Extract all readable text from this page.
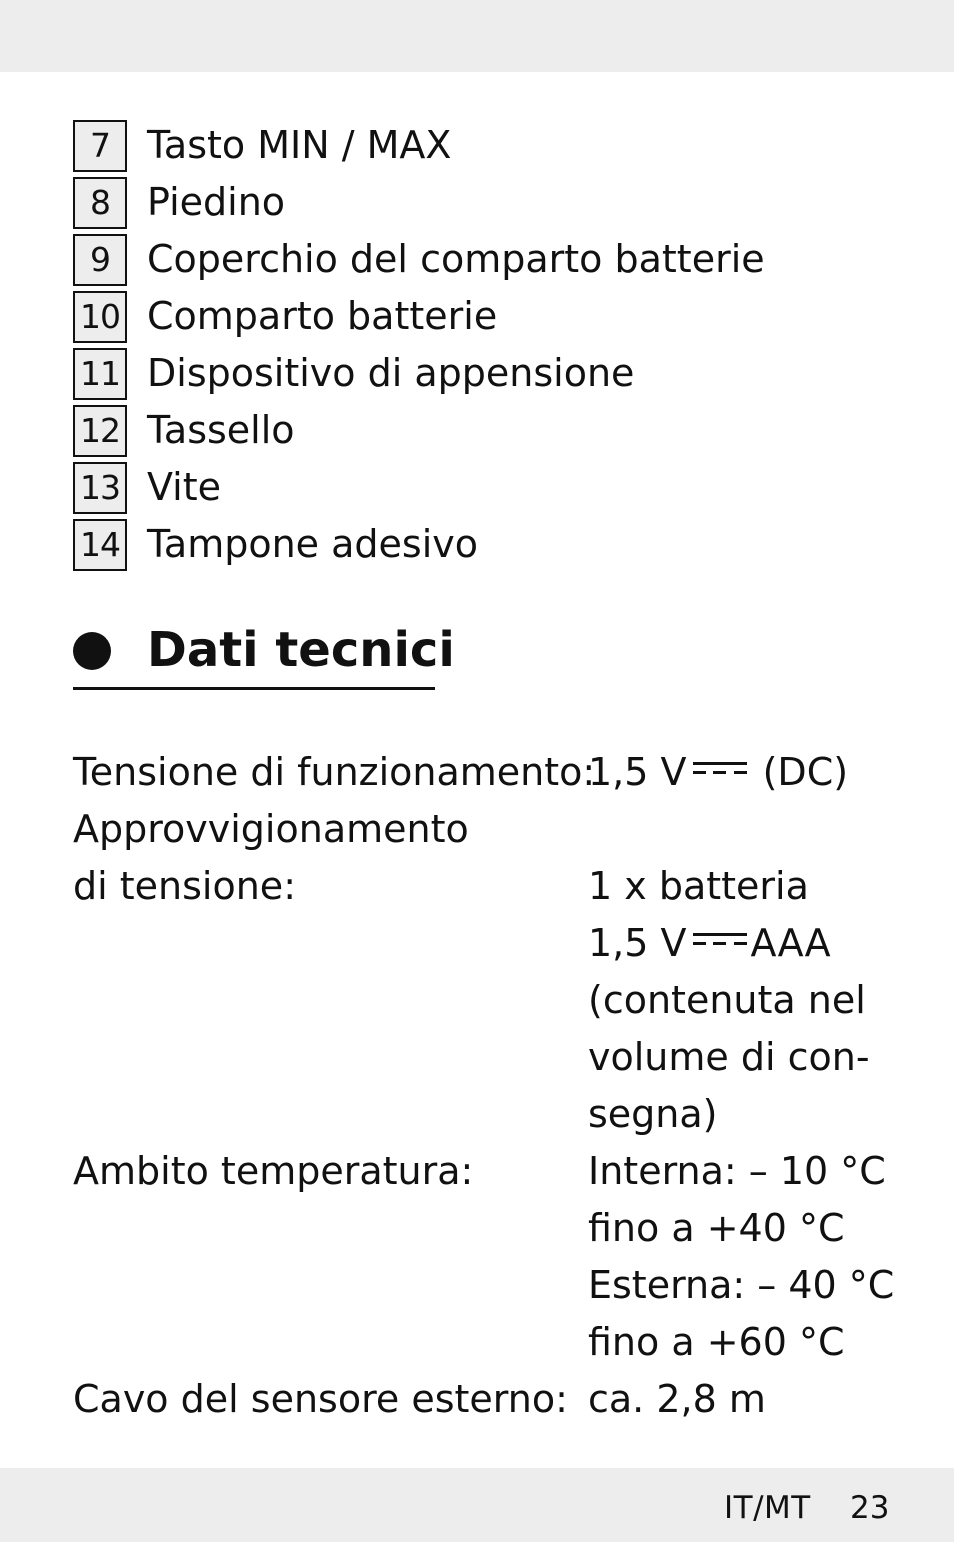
7 Tasto MIN / MAX
8 Piedino
9 Coperchio del comparto batterie
10 Comparto batterie
11 Dispositivo di appensione
12 Tassello
13 Vite
14 Tampone adesivo
Dati tecnici
Tensione di funzionamento:
1,5 V (DC)
Approvvigionamento
di tensione:	1 x batteria
1,5 V AAA
(contenuta nel
volume di con-
segna)
Ambito temperatura:	Interna: – 10 °C
fino a +40 °C
Esterna: – 40 °C
fino a +60 °C
Cavo del sensore esterno: ca. 2,8 m
IT/MT 23
